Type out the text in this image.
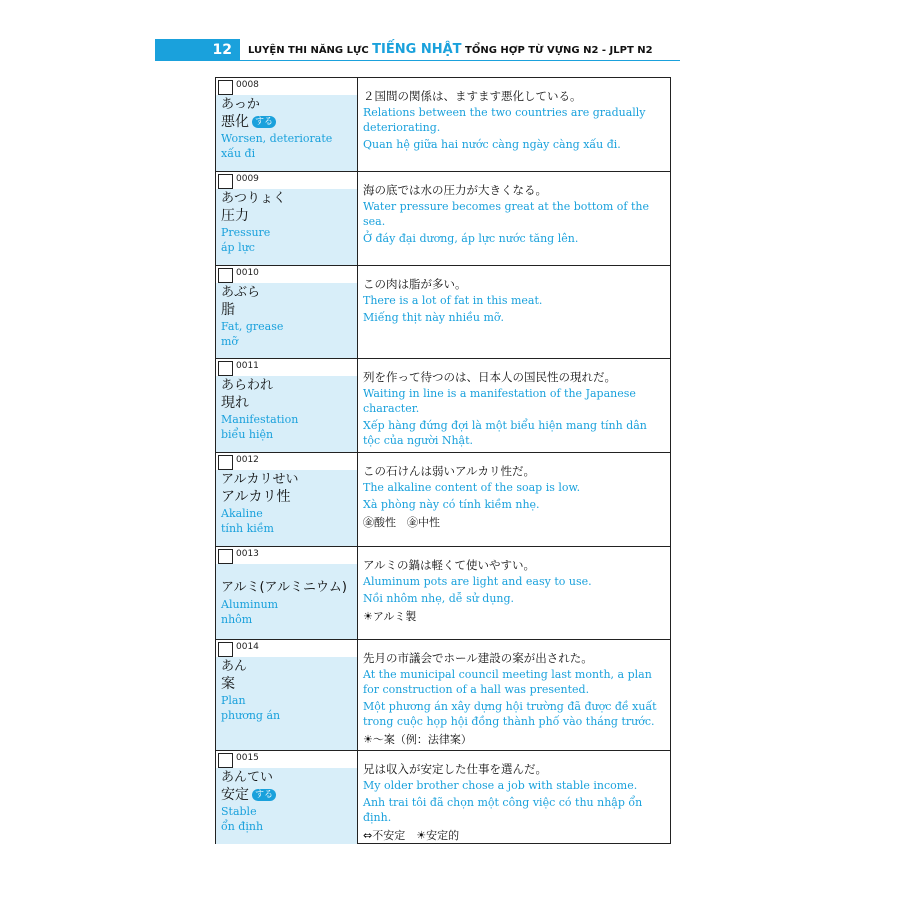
12	LUYỆN THI NĂNG LỰC TIẾNG NHẬT TỔNG HỢP TỪ VỰNG N2 - JLPT N2
0008
あっか
悪化 する
Worsen, deteriorate
xấu đi
２国間の関係は、ますます悪化している。
Relations between the two countries are gradually deteriorating.
Quan hệ giữa hai nước càng ngày càng xấu đi.
0009
あつりょく
圧力
Pressure
áp lực
海の底では水の圧力が大きくなる。
Water pressure becomes great at the bottom of the sea.
Ở đáy đại dương, áp lực nước tăng lên.
0010
あぶら
脂
Fat, grease
mỡ
この肉は脂が多い。
There is a lot of fat in this meat.
Miếng thịt này nhiều mỡ.
0011
あらわれ
現れ
Manifestation
biểu hiện
列を作って待つのは、日本人の国民性の現れだ。
Waiting in line is a manifestation of the Japanese character.
Xếp hàng đứng đợi là một biểu hiện mang tính dân tộc của người Nhật.
0012
アルカリせい
アルカリ性
Akaline
tính kiềm
この石けんは弱いアルカリ性だ。
The alkaline content of the soap is low.
Xà phòng này có tính kiềm nhẹ.
㊎酸性　㊎中性
0013
アルミ(アルミニウム)
Aluminum
nhôm
アルミの鍋は軽くて使いやすい。
Aluminum pots are light and easy to use.
Nồi nhôm nhẹ, dễ sử dụng.
☀アルミ製
0014
あん
案
Plan
phương án
先月の市議会でホール建設の案が出された。
At the municipal council meeting last month, a plan for construction of a hall was presented.
Một phương án xây dựng hội trường đã được đề xuất trong cuộc họp hội đồng thành phố vào tháng trước.
☀～案（例：法律案）
0015
あんてい
安定 する
Stable
ổn định
兄は収入が安定した仕事を選んだ。
My older brother chose a job with stable income.
Anh trai tôi đã chọn một công việc có thu nhập ổn định.
⇔不安定　☀安定的
